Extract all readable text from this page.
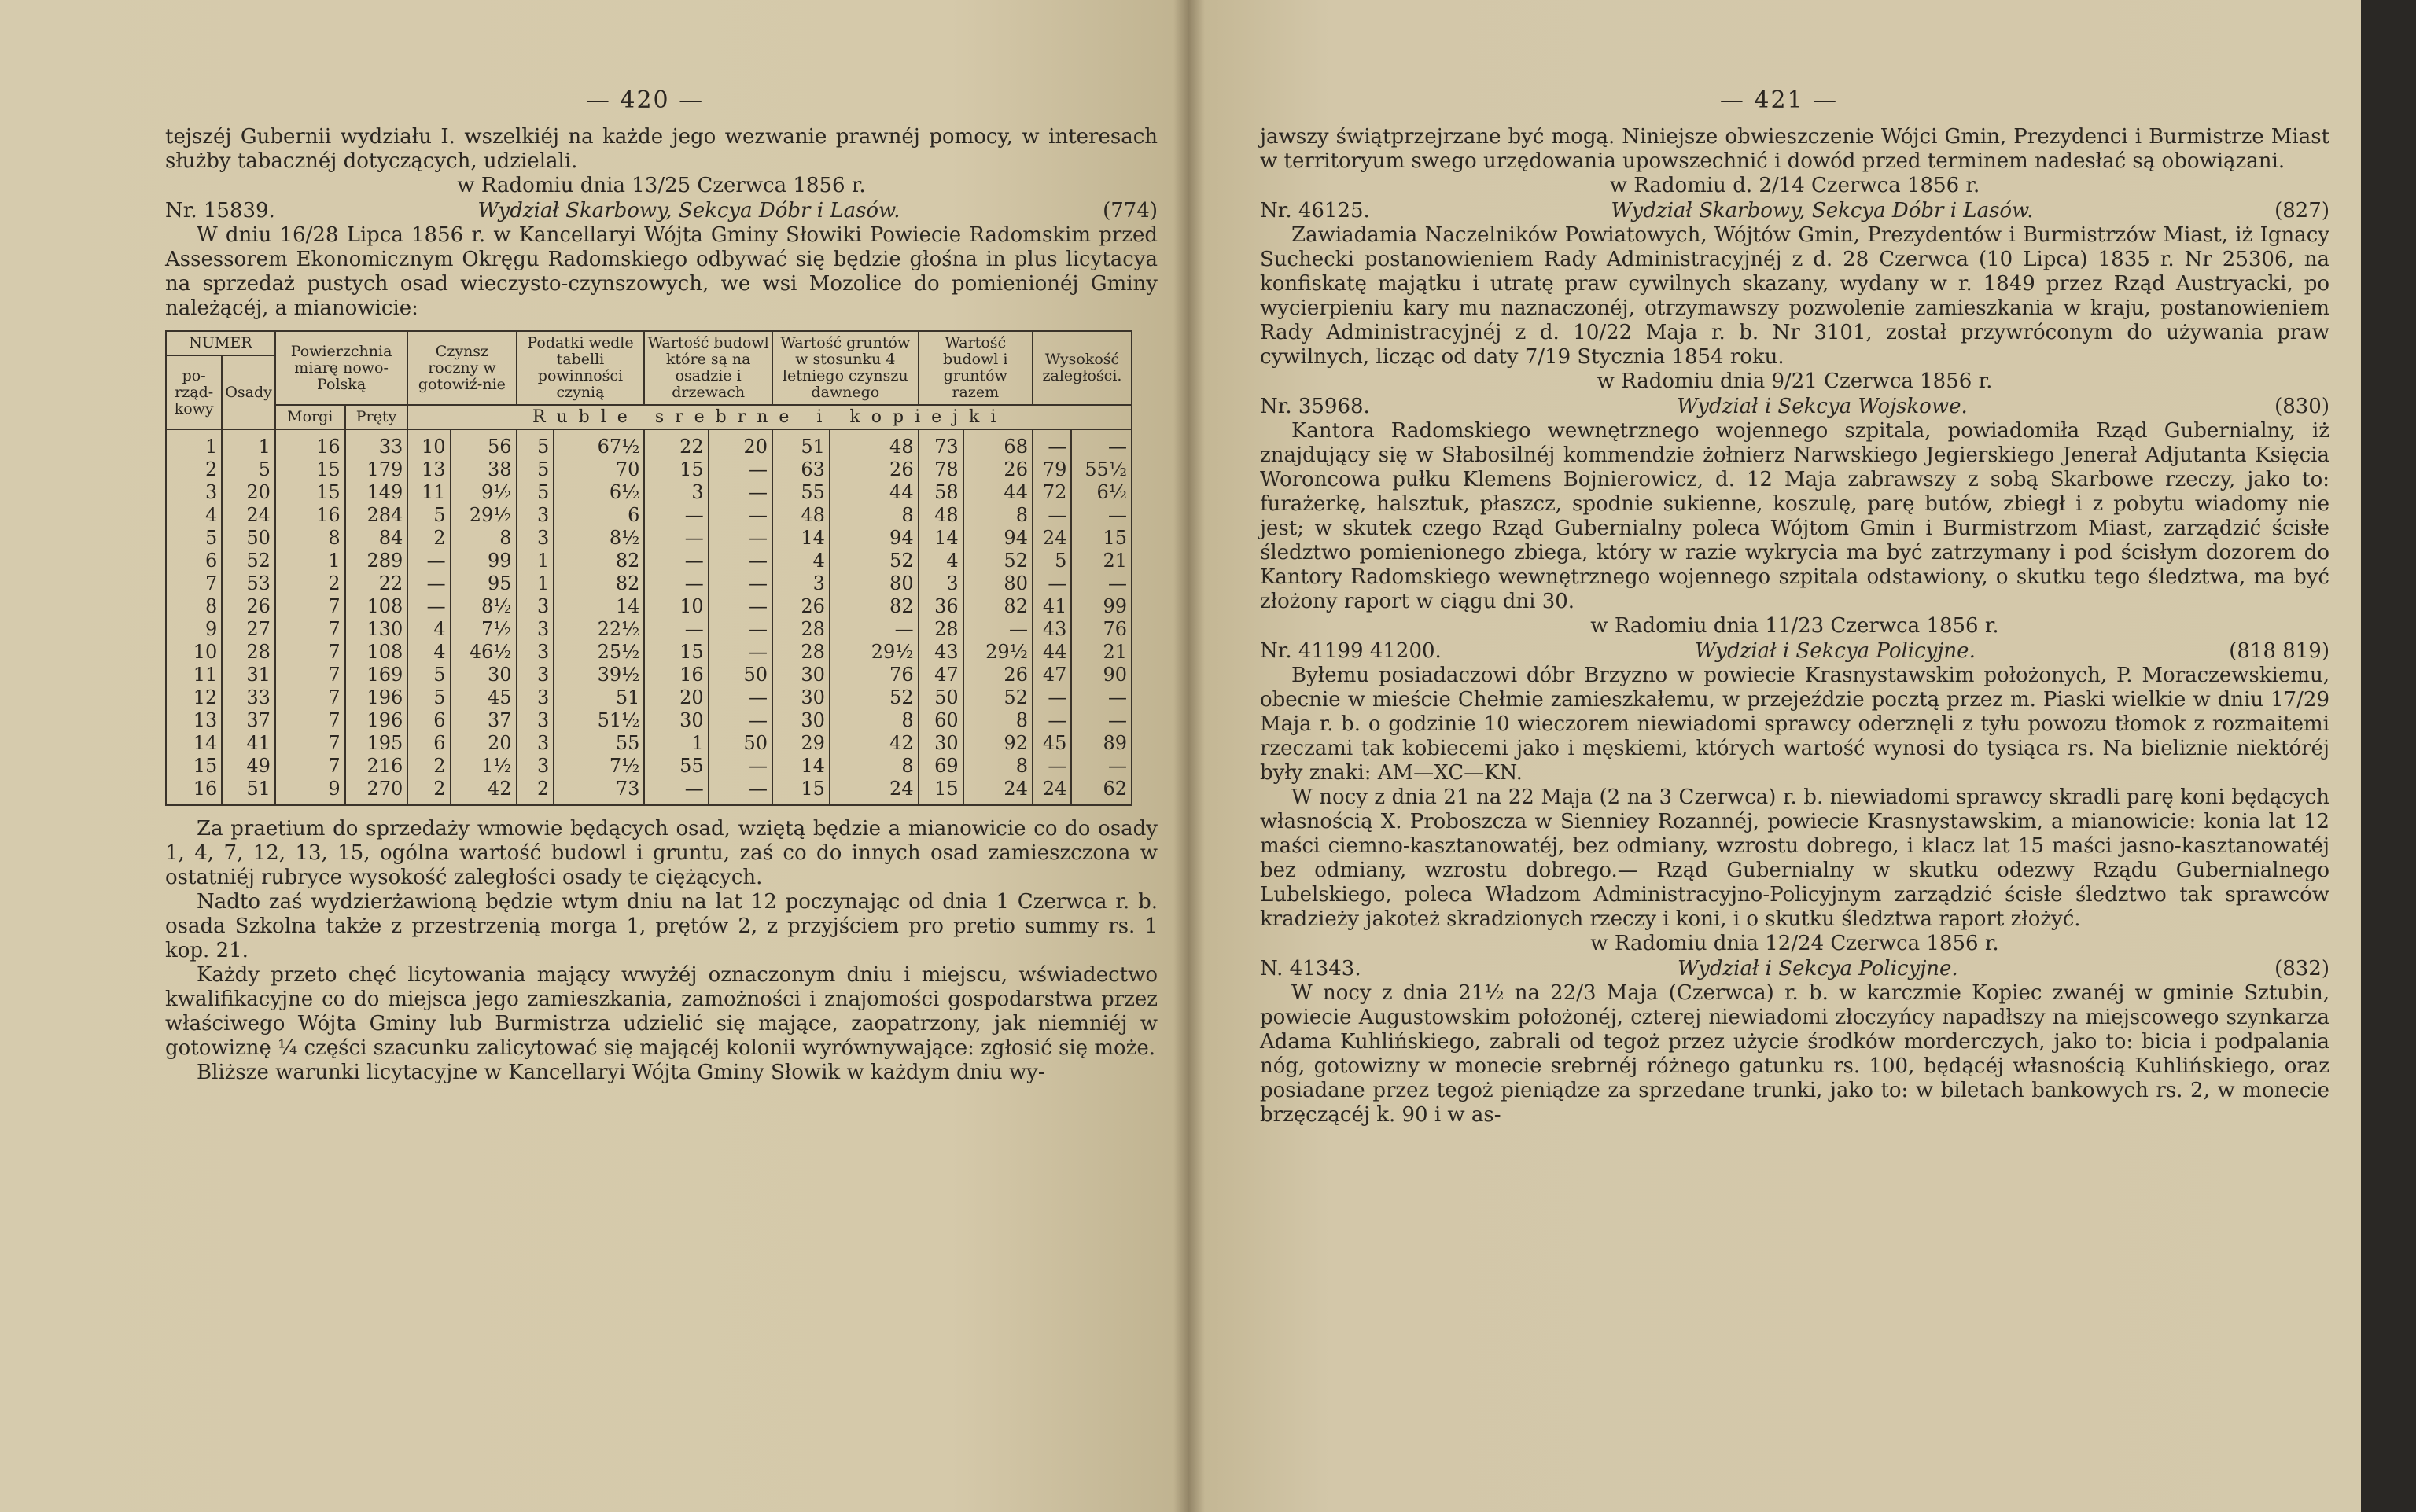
— 420 —

tejszéj Gubernii wydziału I. wszelkiéj na każde jego wezwanie prawnéj pomocy, w interesach służby tabacznéj dotyczących, udzielali.

w Radomiu dnia 13/25 Czerwca 1856 r.

Nr. 15839.	Wydział Skarbowy, Sekcya Dóbr i Lasów.	(774)

W dniu 16/28 Lipca 1856 r. w Kancellaryi Wójta Gminy Słowiki Powiecie Radomskim przed Assessorem Ekonomicznym Okręgu Radomskiego odbywać się będzie głośna in plus licytacya na sprzedaż pustych osad wieczysto-czynszowych, we wsi Mozolice do pomienionéj Gminy należącéj, a mianowicie:

NUMER		Powierzchnia miarę nowo-Polską		Czynsz roczny w gotowiź-nie		Podatki wedle tabelli powinności czynią		Wartość budowl które są na osadzie i drzewach		Wartość gruntów w stosunku 4 letniego czynszu dawnego		Wartość budowl i gruntów razem		Wysokość zaległości.	
po-rząd-kowy	Osady														
		Morgi	Pręty	Ruble srebrne i kopiejki											
1	1	16	33	10	56	5	67½	22	20	51	48	73	68	—	—
2	5	15	179	13	38	5	70	15	—	63	26	78	26	79	55½
3	20	15	149	11	9½	5	6½	3	—	55	44	58	44	72	6½
4	24	16	284	5	29½	3	6	—	—	48	8	48	8	—	—
5	50	8	84	2	8	3	8½	—	—	14	94	14	94	24	15
6	52	1	289	—	99	1	82	—	—	4	52	4	52	5	21
7	53	2	22	—	95	1	82	—	—	3	80	3	80	—	—
8	26	7	108	—	8½	3	14	10	—	26	82	36	82	41	99
9	27	7	130	4	7½	3	22½	—	—	28	—	28	—	43	76
10	28	7	108	4	46½	3	25½	15	—	28	29½	43	29½	44	21
11	31	7	169	5	30	3	39½	16	50	30	76	47	26	47	90
12	33	7	196	5	45	3	51	20	—	30	52	50	52	—	—
13	37	7	196	6	37	3	51½	30	—	30	8	60	8	—	—
14	41	7	195	6	20	3	55	1	50	29	42	30	92	45	89
15	49	7	216	2	1½	3	7½	55	—	14	8	69	8	—	—
16	51	9	270	2	42	2	73	—	—	15	24	15	24	24	62

Za praetium do sprzedaży wmowie będących osad, wziętą będzie a mianowicie co do osady 1, 4, 7, 12, 13, 15, ogólna wartość budowl i gruntu, zaś co do innych osad zamieszczona w ostatniéj rubryce wysokość zaległości osady te ciężących.

Nadto zaś wydzierżawioną będzie wtym dniu na lat 12 poczynając od dnia 1 Czerwca r. b. osada Szkolna także z przestrzenią morga 1, prętów 2, z przyjściem pro pretio summy rs. 1 kop. 21.

Każdy przeto chęć licytowania mający wwyżéj oznaczonym dniu i miejscu, wświadectwo kwalifikacyjne co do miejsca jego zamieszkania, zamożności i znajomości gospodarstwa przez właściwego Wójta Gminy lub Burmistrza udzielić się mające, zaopatrzony, jak niemniéj w gotowiznę ¼ części szacunku zalicytować się mającéj kolonii wyrównywające: zgłosić się może.

Bliższe warunki licytacyjne w Kancellaryi Wójta Gminy Słowik w każdym dniu wy-

— 421 —

jawszy świątprzejrzane być mogą. Niniejsze obwieszczenie Wójci Gmin, Prezydenci i Burmistrze Miast w territoryum swego urzędowania upowszechnić i dowód przed terminem nadesłać są obowiązani.

w Radomiu d. 2/14 Czerwca 1856 r.

Nr. 46125.	Wydział Skarbowy, Sekcya Dóbr i Lasów.	(827)

Zawiadamia Naczelników Powiatowych, Wójtów Gmin, Prezydentów i Burmistrzów Miast, iż Ignacy Suchecki postanowieniem Rady Administracyjnéj z d. 28 Czerwca (10 Lipca) 1835 r. Nr 25306, na konfiskatę majątku i utratę praw cywilnych skazany, wydany w r. 1849 przez Rząd Austryacki, po wycierpieniu kary mu naznaczonéj, otrzymawszy pozwolenie zamieszkania w kraju, postanowieniem Rady Administracyjnéj z d. 10/22 Maja r. b. Nr 3101, został przywróconym do używania praw cywilnych, licząc od daty 7/19 Stycznia 1854 roku.

w Radomiu dnia 9/21 Czerwca 1856 r.

Nr. 35968.	Wydział i Sekcya Wojskowe.	(830)

Kantora Radomskiego wewnętrznego wojennego szpitala, powiadomiła Rząd Gubernialny, iż znajdujący się w Słabosilnéj kommendzie żołnierz Narwskiego Jegierskiego Jenerał Adjutanta Księcia Woroncowa pułku Klemens Bojnierowicz, d. 12 Maja zabrawszy z sobą Skarbowe rzeczy, jako to: furażerkę, halsztuk, płaszcz, spodnie sukienne, koszulę, parę butów, zbiegł i z pobytu wiadomy nie jest; w skutek czego Rząd Gubernialny poleca Wójtom Gmin i Burmistrzom Miast, zarządzić ścisłe śledztwo pomienionego zbiega, który w razie wykrycia ma być zatrzymany i pod ścisłym dozorem do Kantory Radomskiego wewnętrznego wojennego szpitala odstawiony, o skutku tego śledztwa, ma być złożony raport w ciągu dni 30.

w Radomiu dnia 11/23 Czerwca 1856 r.

Nr. 41199 41200.	Wydział i Sekcya Policyjne.	(818 819)

Byłemu posiadaczowi dóbr Brzyzno w powiecie Krasnystawskim położonych, P. Moraczewskiemu, obecnie w mieście Chełmie zamieszkałemu, w przejeździe pocztą przez m. Piaski wielkie w dniu 17/29 Maja r. b. o godzinie 10 wieczorem niewiadomi sprawcy oderznęli z tyłu powozu tłomok z rozmaitemi rzeczami tak kobiecemi jako i męskiemi, których wartość wynosi do tysiąca rs. Na bieliznie niektóréj były znaki: AM—XC—KN.

W nocy z dnia 21 na 22 Maja (2 na 3 Czerwca) r. b. niewiadomi sprawcy skradli parę koni będących własnością X. Proboszcza w Sienniey Rozannéj, powiecie Krasnystawskim, a mianowicie: konia lat 12 maści ciemno-kasztanowatéj, bez odmiany, wzrostu dobrego, i klacz lat 15 maści jasno-kasztanowatéj bez odmiany, wzrostu dobrego.— Rząd Gubernialny w skutku odezwy Rządu Gubernialnego Lubelskiego, poleca Władzom Administracyjno-Policyjnym zarządzić ścisłe śledztwo tak sprawców kradzieży jakoteż skradzionych rzeczy i koni, i o skutku śledztwa raport złożyć.

w Radomiu dnia 12/24 Czerwca 1856 r.

N. 41343.	Wydział i Sekcya Policyjne.	(832)

W nocy z dnia 21½ na 22/3 Maja (Czerwca) r. b. w karczmie Kopiec zwanéj w gminie Sztubin, powiecie Augustowskim położonéj, czterej niewiadomi złoczyńcy napadłszy na miejscowego szynkarza Adama Kuhlińskiego, zabrali od tegoż przez użycie środków morderczych, jako to: bicia i podpalania nóg, gotowizny w monecie srebrnéj różnego gatunku rs. 100, będącéj własnością Kuhlińskiego, oraz posiadane przez tegoż pieniądze za sprzedane trunki, jako to: w biletach bankowych rs. 2, w monecie brzęczącéj k. 90 i w as-
